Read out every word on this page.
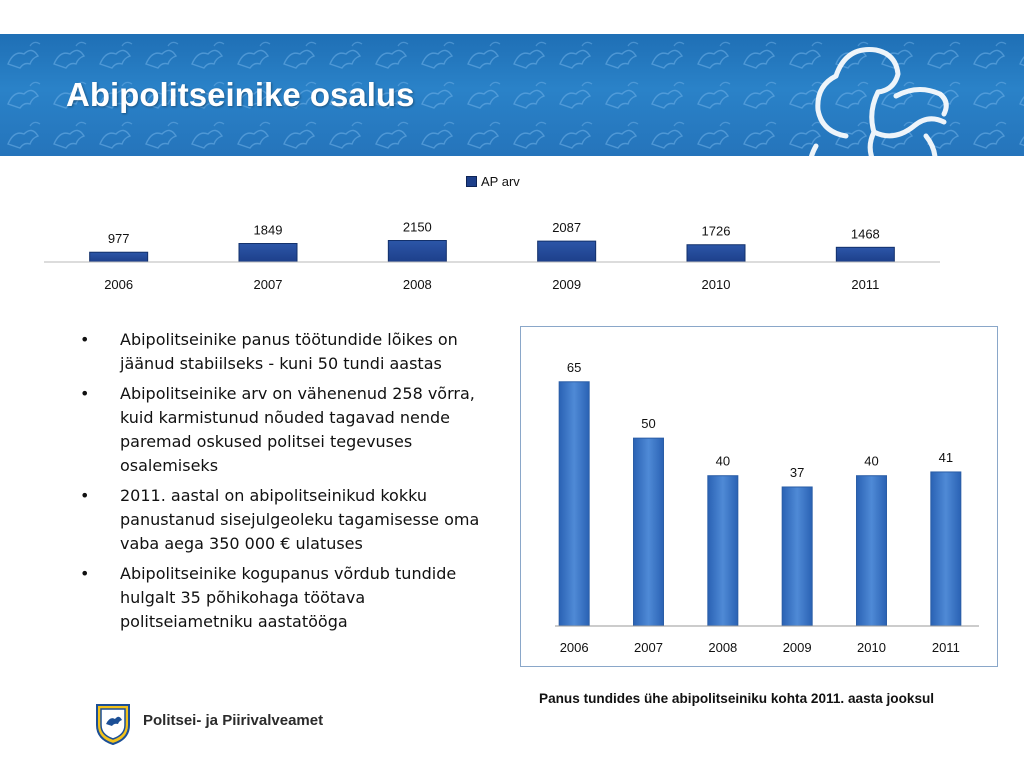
Abipolitseinike osalus
AP arv
977
2006
1849
2007
2150
2008
2087
2009
1726
2010
1468
2011
• Abipolitseinike panus töötundide lõikes on jäänud stabiilseks - kuni 50 tundi aastas
• Abipolitseinike arv on vähenenud 258 võrra, kuid karmistunud nõuded tagavad nende paremad oskused politsei tegevuses osalemiseks
• 2011. aastal on abipolitseinikud kokku panustanud sisejulgeoleku tagamisesse oma vaba aega 350 000 € ulatuses
• Abipolitseinike kogupanus võrdub tundide hulgalt 35 põhikohaga töötava politseiametniku aastatööga
65
2006
50
2007
40
2008
37
2009
40
2010
41
2011
Panus tundides ühe abipolitseiniku kohta 2011. aasta jooksul
Politsei- ja Piirivalveamet
